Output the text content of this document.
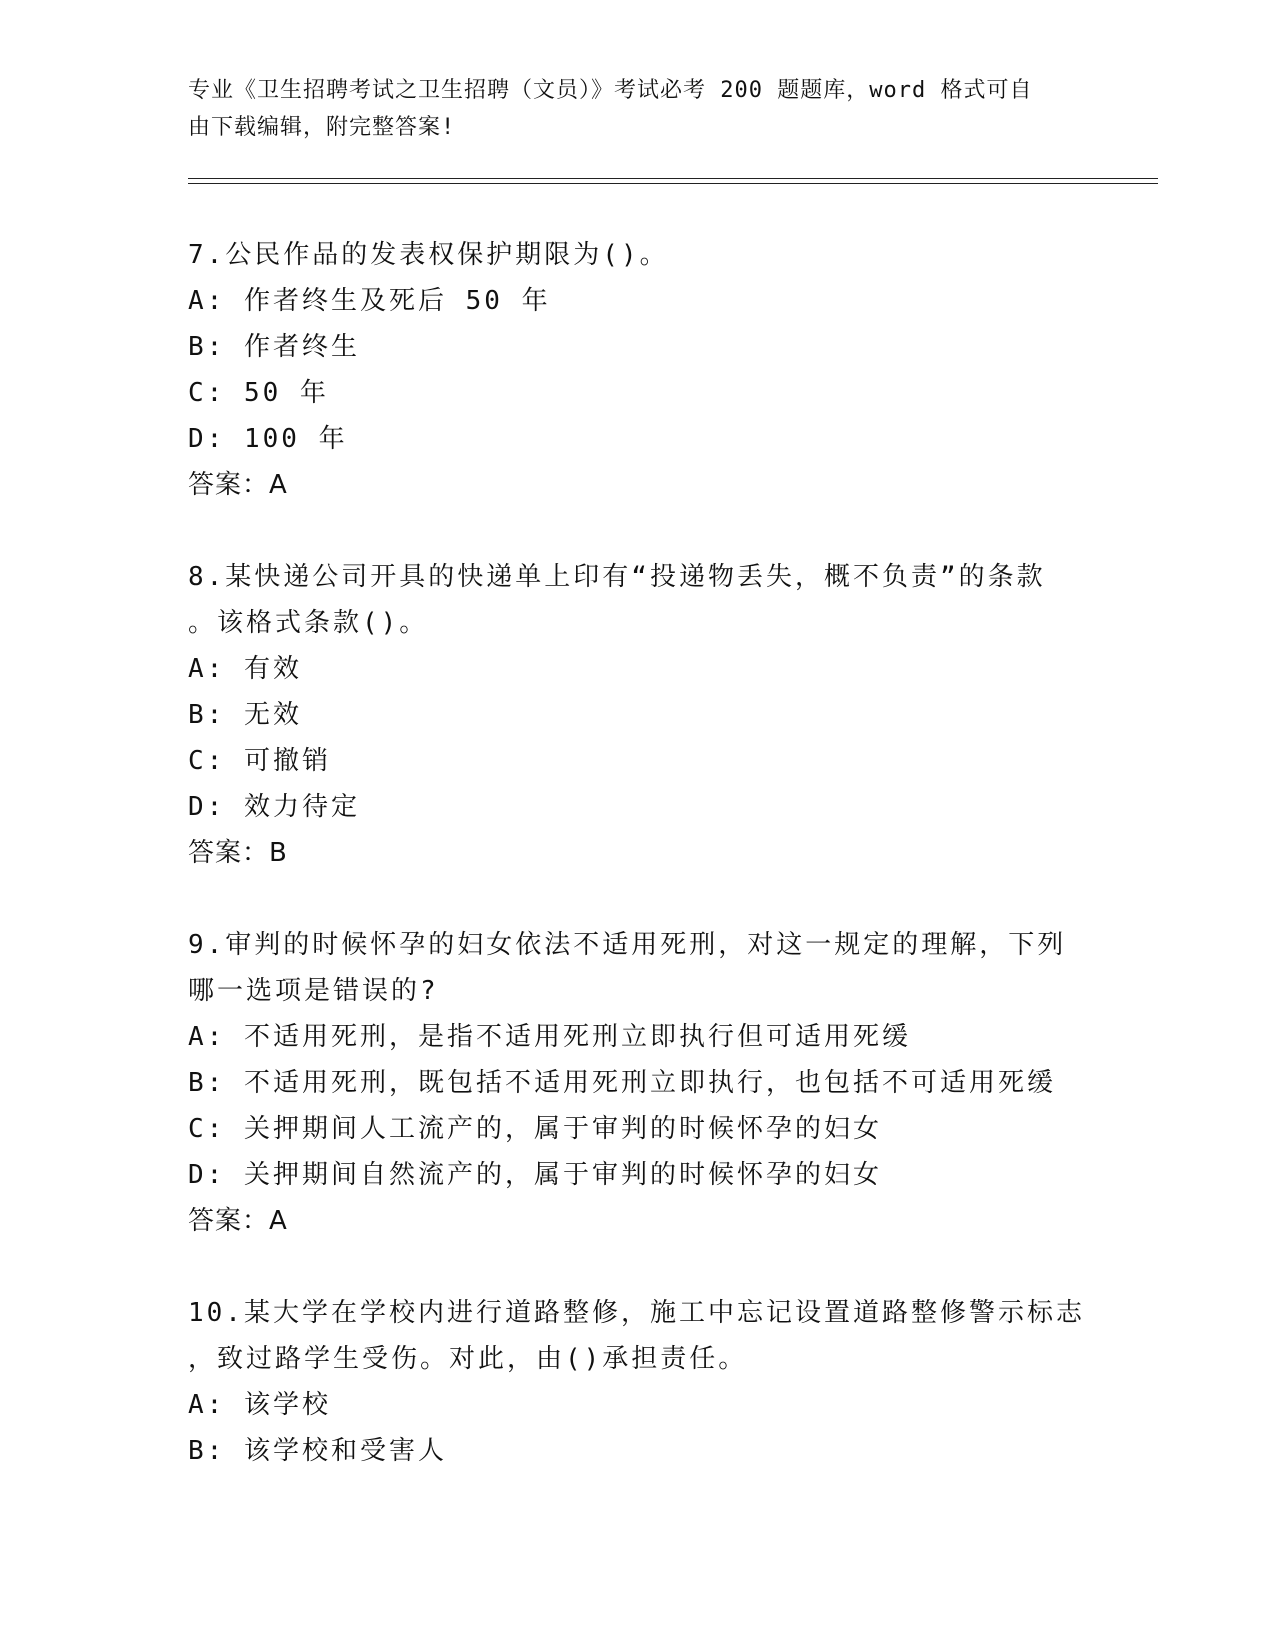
专业《卫生招聘考试之卫生招聘（文员）》考试必考 200 题题库，word 格式可自
由下载编辑，附完整答案!

7.公民作品的发表权保护期限为()。

A: 作者终生及死后 50 年

B: 作者终生

C: 50 年

D: 100 年

答案：A

8.某快递公司开具的快递单上印有“投递物丢失，概不负责”的条款

。该格式条款()。

A: 有效

B: 无效

C: 可撤销

D: 效力待定

答案：B

9.审判的时候怀孕的妇女依法不适用死刑，对这一规定的理解，下列

哪一选项是错误的?

A: 不适用死刑，是指不适用死刑立即执行但可适用死缓

B: 不适用死刑，既包括不适用死刑立即执行，也包括不可适用死缓

C: 关押期间人工流产的，属于审判的时候怀孕的妇女

D: 关押期间自然流产的，属于审判的时候怀孕的妇女

答案：A

10.某大学在学校内进行道路整修，施工中忘记设置道路整修警示标志

，致过路学生受伤。对此，由()承担责任。

A: 该学校

B: 该学校和受害人
